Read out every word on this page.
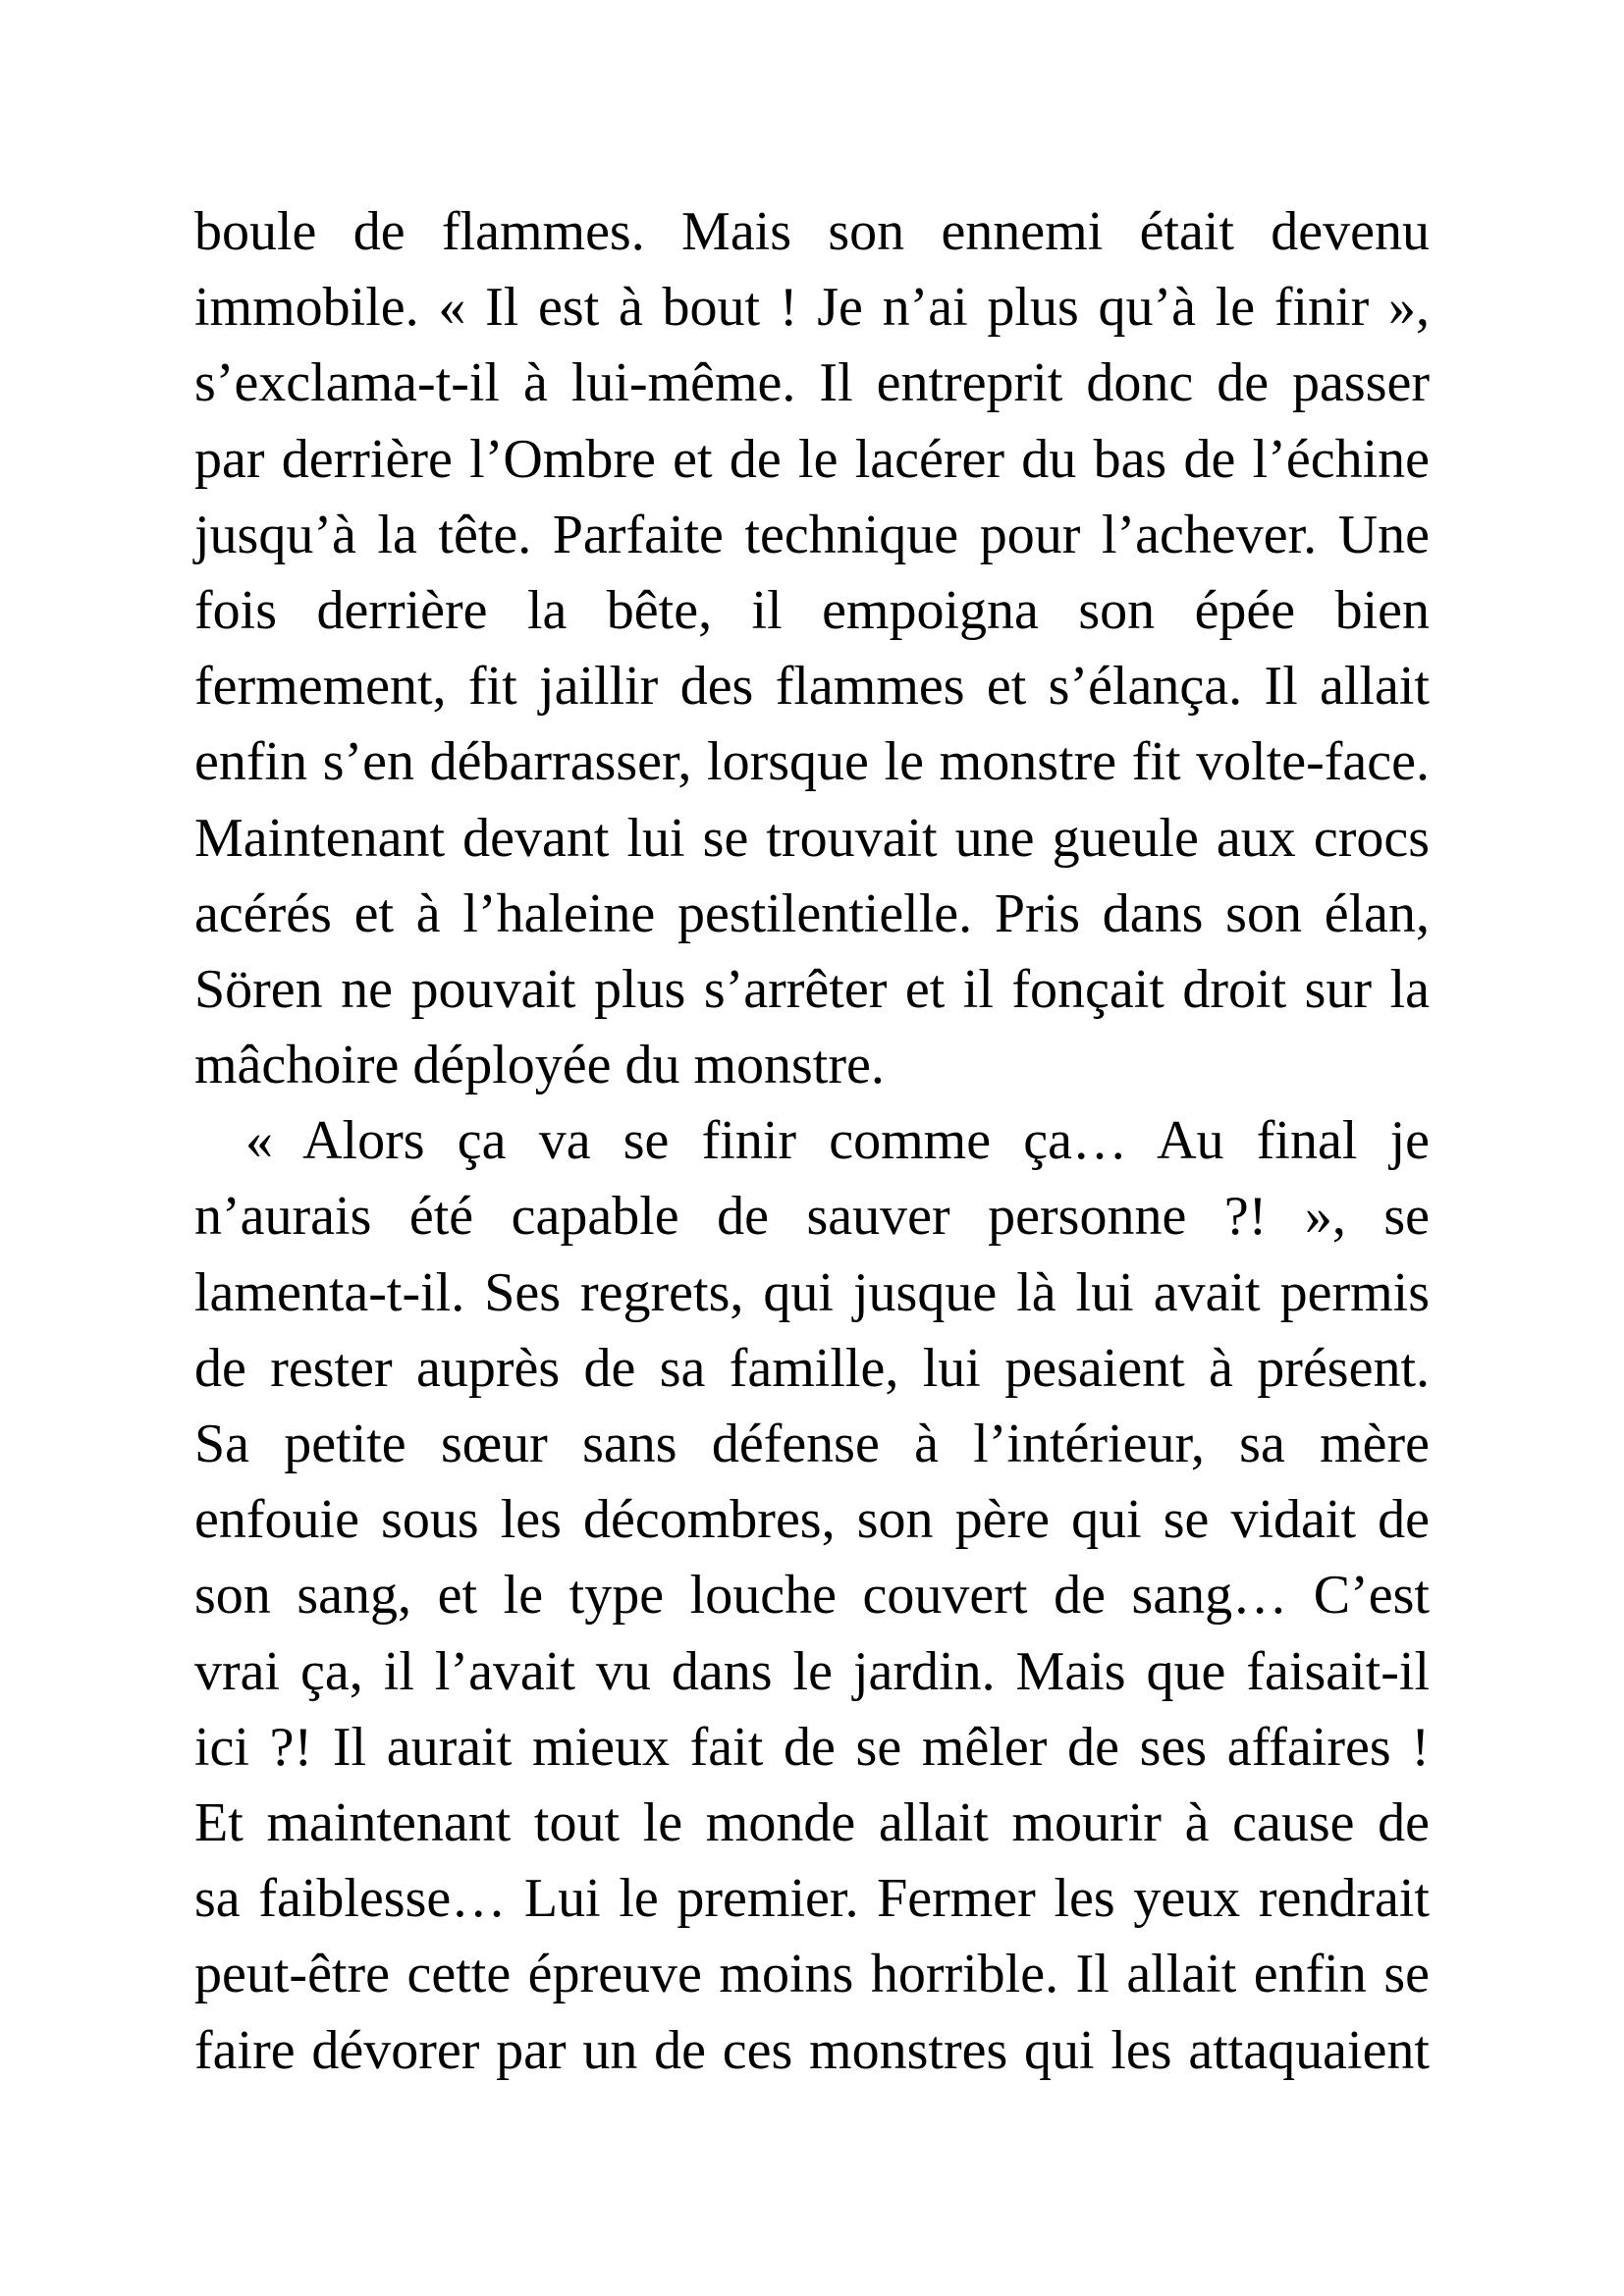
boule de flammes. Mais son ennemi était devenu
immobile. « Il est à bout ! Je n’ai plus qu’à le finir »,
s’exclama-t-il à lui-même. Il entreprit donc de passer
par derrière l’Ombre et de le lacérer du bas de l’échine
jusqu’à la tête. Parfaite technique pour l’achever. Une
fois derrière la bête, il empoigna son épée bien
fermement, fit jaillir des flammes et s’élança. Il allait
enfin s’en débarrasser, lorsque le monstre fit volte-face.
Maintenant devant lui se trouvait une gueule aux crocs
acérés et à l’haleine pestilentielle. Pris dans son élan,
Sören ne pouvait plus s’arrêter et il fonçait droit sur la
mâchoire déployée du monstre.
« Alors ça va se finir comme ça… Au final je
n’aurais été capable de sauver personne ?! », se
lamenta-t-il. Ses regrets, qui jusque là lui avait permis
de rester auprès de sa famille, lui pesaient à présent.
Sa petite sœur sans défense à l’intérieur, sa mère
enfouie sous les décombres, son père qui se vidait de
son sang, et le type louche couvert de sang… C’est
vrai ça, il l’avait vu dans le jardin. Mais que faisait-il
ici ?! Il aurait mieux fait de se mêler de ses affaires !
Et maintenant tout le monde allait mourir à cause de
sa faiblesse… Lui le premier. Fermer les yeux rendrait
peut-être cette épreuve moins horrible. Il allait enfin se
faire dévorer par un de ces monstres qui les attaquaient
